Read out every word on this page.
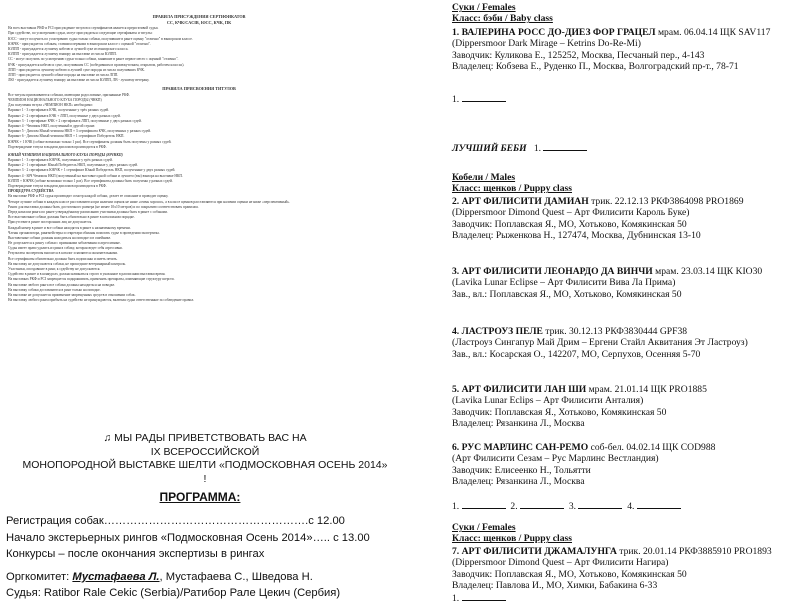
ПРАВИЛА ПРИСУЖДЕНИЯ СЕРТИФИКАТОВ
СС, КЧК/CACIB, ЮСС, КЧК, ПК
На всех выставках РКФ и FCI присуждение титулов и сертификатов является прерогативой судьи.
При судействе, по усмотрению судьи, могут присуждаться следующие сертификаты и титулы:
ЮСС - могут получить по усмотрению судьи только собаки, получившие в ранге оценку "отлично" в юниорском классе.
ЮКЧК - присуждается собакам, ставшим первыми в юниорском классе с оценкой "отлично".
ЮЛПП - присуждается лучшему кобелю и лучшей суке из юниорского класса.
ЮЛПП - присуждается лучшему юниору на выставке из числа ЮЛПП.
СС - могут получить по усмотрению судьи только собаки, занявшие в ранге первое место с оценкой "отлично".
КЧК - присуждается кобелю и суке, получившим СС (победившим в промежуточном, открытом, рабочем классах).
ЛПП - присуждается лучшему кобелю и лучшей суке породы из числа получивших КЧК.
ЛПП - присуждается лучшей собаке породы на выставке из числа ЛПП.
ЛЮ - присуждается лучшему юниору на выставке из числа ЮЛПП, ЛВ - лучшему ветерану.
ПРАВИЛА ПРИСВОЕНИЯ ТИТУЛОВ
Все титулы присваиваются собакам, имеющим родословные, признанные РКФ.
ЧЕМПИОН НАЦИОНАЛЬНОГО КЛУБА ПОРОДЫ (ЧНКП)
Для получения титула «ЧЕМПИОН НКП» необходимо:
Вариант 1 - 3 сертификата КЧК, полученные у трёх разных судей.
Вариант 2 - 2 сертификата КЧК + ЛПП, полученные у двух разных судей.
Вариант 3 - 1 сертификат КЧК + 2 сертификата ЛПП, полученные у двух разных судей.
Вариант 4 - Чемпион НКП, полученный в другой стране.
Вариант 5 - Диплом Юный чемпион НКП + 3 сертификата КЧК, полученных у разных судей.
Вариант 6 - Диплом Юный чемпион НКП + 1 сертификат Победитель НКП.
ЮКЧК + 1 КЧК (собаке возможно только 1 раз). Все сертификаты должны быть получены у разных судей.
Подтверждение титула в выдачи дипломов производится в РКФ.
ЮНЫЙ ЧЕМПИОН НАЦИОНАЛЬНОГО КЛУБА ПОРОДЫ (ЮЧНКП)
Вариант 1 - 3 сертификата ЮКЧК, полученные у трёх разных судей.
Вариант 2 - 1 сертификат Юный Победитель НКП, полученные у двух разных судей.
Вариант 3 - 2 сертификата ЮКЧК + 1 сертификат Юный Победитель НКП, полученные у двух разных судей.
Вариант 4 - ЮЧ Чемпион НКП (полученный на выставке одной собаки и лучшего (юн) юниора на выставке НКП.
ЮЛПП + ЮКЧК (собаке возможно только 1 раз). Все сертификаты должны быть получены у разных судей.
Подтверждение титула в выдачи дипломов производится в РКФ.
ПРОЦЕДУРА СУДЕЙСТВА
На выставке РКФ и FCI судья производит осмотр каждой собаки, делает ее описание и проводит оценку.
Четыре лучшие собаки в каждом классе расставляются при наличии оценок не ниже «очень хорошо», а в классе щенков расставляются при наличии оценки не ниже «перспективный».
Ринги для выставки должны быть достаточного размера (не менее 10х10 метров) и по покрытию соответствовать правилам.
Перед началом ринга по ранее утверждённому расписанию участники должны быть в ринге с собаками.
Все выставочные собаки должны быть обязательно в ринге в каталожном порядке.
Присутствие в ринге посторонних лиц не допускается.
Каждый номер в ринге и все собаки находятся в ринге к назначенному времени.
Члены организатора, рингмейстеры и секретари обязаны помогать судье в проведении экспертизы.
Выставочные собаки должны находиться на поводке и в ошейнике.
Не допускается к рингу собаки с признаками заболевания и агрессивные.
Судья имеет право удалить из ринга собаку, которая ведет себя агрессивно.
Результаты экспертизы вносятся в каталог и являются окончательными.
Все сертификаты обязательно должны быть подписаны и иметь печать.
На выставку не допускаются собаки, не прошедшие ветеринарный контроль.
Участники, опоздавшие в ринг, к судейству не допускаются.
Судейство в ринге и в конкурсах должно начинаться строго в указанное в расписании выставки время.
На выставках РКФ и FCI запрещается подкрашивать, применять препараты, изменяющие структуру шерсти.
На выставке любого ранга все собаки должны находиться на поводке.
На выставку собаки доставляются в ринг только на поводке.
На выставке не допускается применение запрещенных средств в отношении собак.
На выставку любого ранга прибыть на судейство не принуждаются, включая судьи ответственные за соблюдение правил.
♫ МЫ РАДЫ ПРИВЕТСТВОВАТЬ ВАС НА
IX ВСЕРОССИЙСКОЙ
МОНОПОРОДНОЙ ВЫСТАВКЕ ШЕЛТИ «ПОДМОСКОВНАЯ ОСЕНЬ 2014» !
ПРОГРАММА:
Регистрация собак……………………………………………….c 12.00
Начало экстерьерных рингов «Подмосковная Осень 2014»….. с 13.00
Конкурсы – после окончания экспертизы в рингах
Оргкомитет: Мустафаева Л., Мустафаева С., Шведова Н.
Судья: Ratibor Rale Cekic (Serbia)/Ратибор Рале Цекич (Сербия)
Суки / Females
Класс: бэби / Baby class
1. ВАЛЕРИНА РОСС ДО-ДИЕЗ ФОР ГРАЦЕЛ мрам. 06.04.14 ЩК SAV117
(Dippersmoor Dark Mirage – Ketrins Do-Re-Mi)
Заводчик: Куликова Е., 125252, Москва, Песчаный пер., 4-143
Владелец: Кобзева Е., Руденко П., Москва, Волгоградский пр-т., 78-71
1.
ЛУЧШИЙ БЕБИ 1.
Кобели / Males
Класс: щенков / Puppy class
2. АРТ ФИЛИСИТИ ДАМИАН трик. 22.12.13 РКФ3864098 PRO1869
(Dippersmoor Dimond Quest – Арт Филисити Кароль Буке)
Заводчик: Поплавская Я., МО, Хотьково, Комякинская 50
Владелец: Рыженкова Н., 127474, Москва, Дубнинская 13-10
3. АРТ ФИЛИСИТИ ЛЕОНАРДО ДА ВИНЧИ мрам. 23.03.14 ЩК KIO30
(Lavika Lunar Eclipse – Арт Филисити Вива Ла Прима)
Зав., вл.: Поплавская Я., МО, Хотьково, Комякинская 50
4. ЛАСТРОУЗ ПЕЛЕ трик. 30.12.13 РКФ3830444 GPF38
(Ластроуз Сингапур Май Дрим – Ергени Стайл Аквитания Эт Ластроуз)
Зав., вл.: Косарская О., 142207, МО, Серпухов, Осенняя 5-70
5. АРТ ФИЛИСИТИ ЛАН ШИ мрам. 21.01.14 ЩК PRO1885
(Lavika Lunar Eclips – Арт Филисити Анталия)
Заводчик: Поплавская Я., Хотьково, Комякинская 50
Владелец: Рязанкина Л., Москва
6. РУС МАРЛИНС САН-РЕМО соб-бел. 04.02.14 ЩК COD988
(Арт Филисити Сезам – Рус Марлинс Вестландия)
Заводчик: Елисеенко Н., Тольятти
Владелец: Рязанкина Л., Москва
1.	2.	3.	4.
Суки / Females
Класс: щенков / Puppy class
7. АРТ ФИЛИСИТИ ДЖАМАЛУНГА трик. 20.01.14 РКФ3885910 PRO1893
(Dippersmoor Dimond Quest – Арт Филисити Нагира)
Заводчик: Поплавская Я., МО, Хотьково, Комякинская 50
Владелец: Павлова И., МО, Химки, Бабакина 6-33
1.
